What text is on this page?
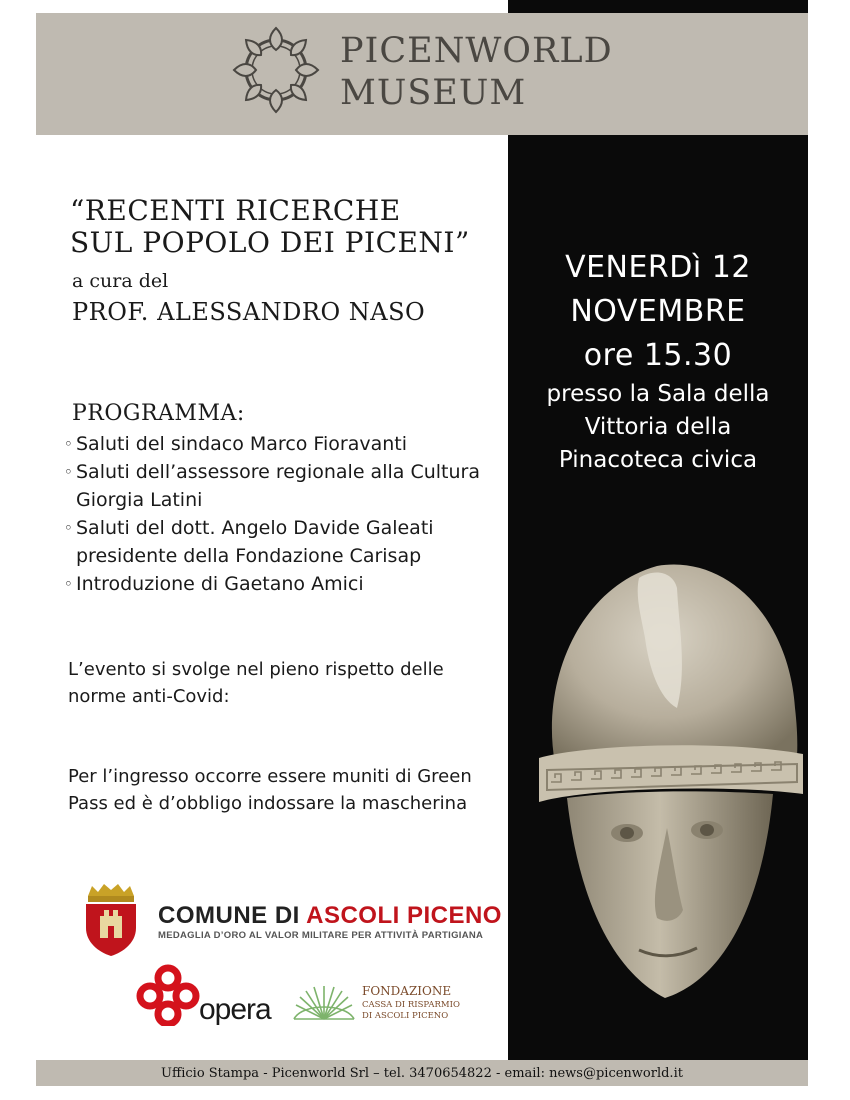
PICENWORLD
MUSEUM
“RECENTI RICERCHE
SUL POPOLO DEI PICENI”
a cura del
PROF. ALESSANDRO NASO
PROGRAMMA:
◦ Saluti del sindaco Marco Fioravanti
◦ Saluti dell’assessore regionale alla Cultura Giorgia Latini
◦ Saluti del dott. Angelo Davide Galeati presidente della Fondazione Carisap
◦ Introduzione di Gaetano Amici
L’evento si svolge nel pieno rispetto delle norme anti-Covid:
Per l’ingresso occorre essere muniti di Green Pass ed è d’obbligo indossare la mascherina
VENERDì 12
NOVEMBRE
ore 15.30
presso la Sala della
Vittoria della
Pinacoteca civica
COMUNE DI ASCOLI PICENO
MEDAGLIA D’ORO AL VALOR MILITARE PER ATTIVITÀ PARTIGIANA
opera
FONDAZIONE
CASSA DI RISPARMIO
DI ASCOLI PICENO
Ufficio Stampa - Picenworld Srl – tel. 3470654822 - email: news@picenworld.it
